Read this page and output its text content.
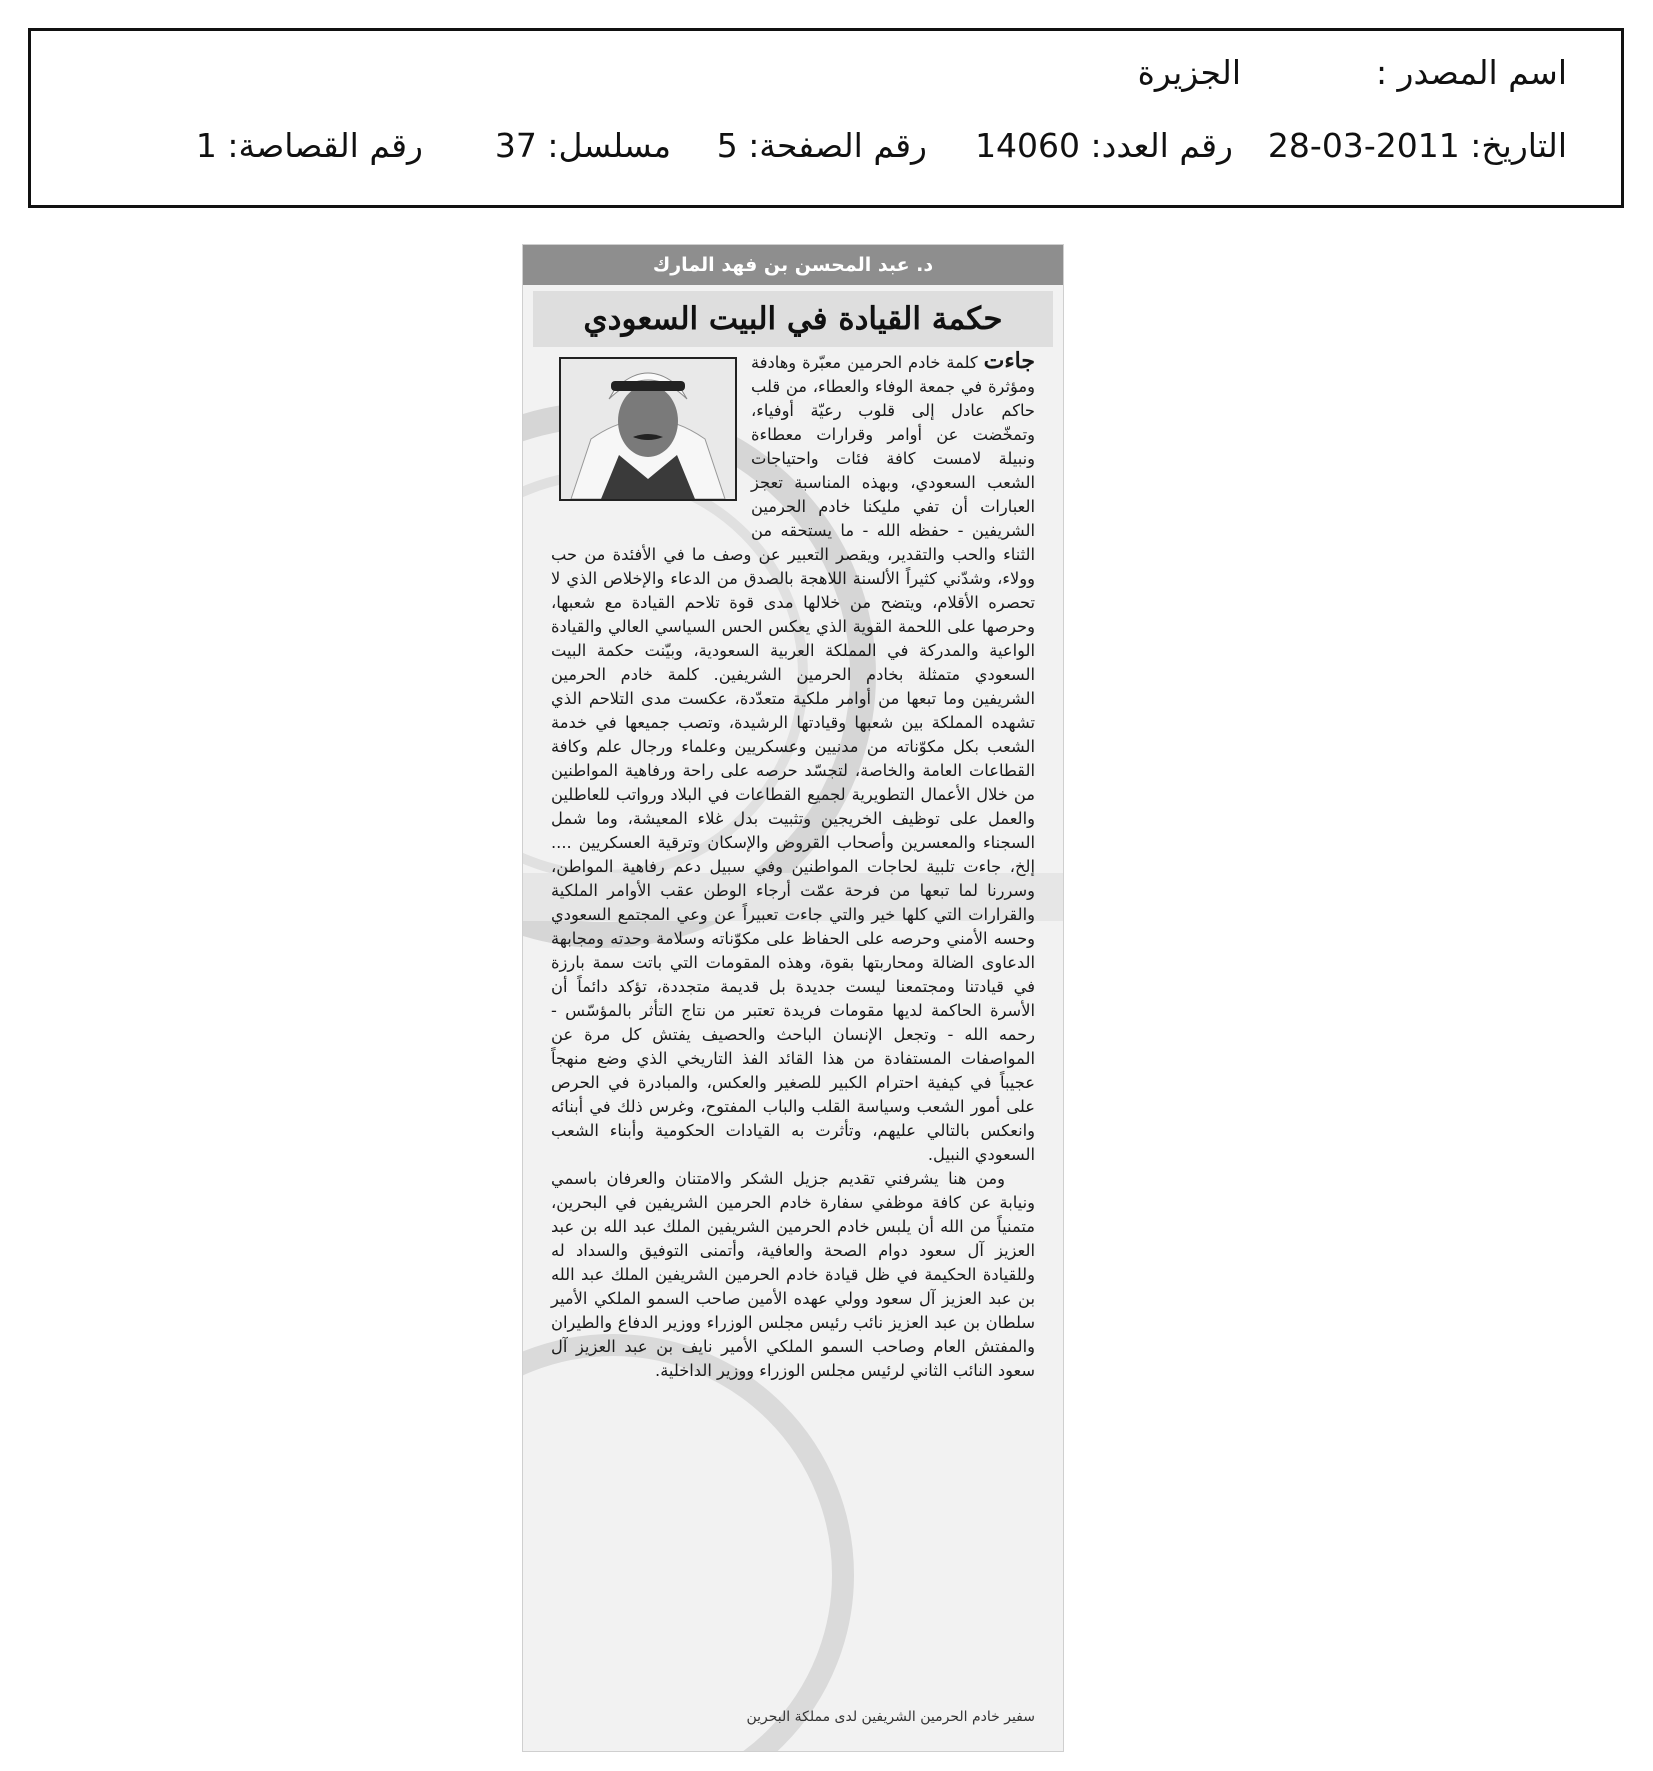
اسم المصدر :
الجزيرة
التاريخ: 2011-03-28
رقم العدد: 14060
رقم الصفحة: 5
مسلسل: 37
رقم القصاصة: 1
د. عبد المحسن بن فهد المارك
حكمة القيادة في البيت السعودي

جاءت كلمة خادم الحرمين معبّرة وهادفة ومؤثرة في جمعة الوفاء والعطاء، من قلب حاكم عادل إلى قلوب رعيّة أوفياء، وتمخّضت عن أوامر وقرارات معطاءة ونبيلة لامست كافة فئات واحتياجات الشعب السعودي، وبهذه المناسبة تعجز العبارات أن تفي مليكنا خادم الحرمين الشريفين - حفظه الله - ما يستحقه من الثناء والحب والتقدير، ويقصر التعبير عن وصف ما في الأفئدة من حب وولاء، وشدّني كثيراً الألسنة اللاهجة بالصدق من الدعاء والإخلاص الذي لا تحصره الأقلام، ويتضح من خلالها مدى قوة تلاحم القيادة مع شعبها، وحرصها على اللحمة القوية الذي يعكس الحس السياسي العالي والقيادة الواعية والمدركة في المملكة العربية السعودية، وبيّنت حكمة البيت السعودي متمثلة بخادم الحرمين الشريفين. كلمة خادم الحرمين الشريفين وما تبعها من أوامر ملكية متعدّدة، عكست مدى التلاحم الذي تشهده المملكة بين شعبها وقيادتها الرشيدة، وتصب جميعها في خدمة الشعب بكل مكوّناته من مدنيين وعسكريين وعلماء ورجال علم وكافة القطاعات العامة والخاصة، لتجسّد حرصه على راحة ورفاهية المواطنين من خلال الأعمال التطويرية لجميع القطاعات في البلاد ورواتب للعاطلين والعمل على توظيف الخريجين وتثبيت بدل غلاء المعيشة، وما شمل السجناء والمعسرين وأصحاب القروض والإسكان وترقية العسكريين .... إلخ، جاءت تلبية لحاجات المواطنين وفي سبيل دعم رفاهية المواطن، وسررنا لما تبعها من فرحة عمّت أرجاء الوطن عقب الأوامر الملكية والقرارات التي كلها خير والتي جاءت تعبيراً عن وعي المجتمع السعودي وحسه الأمني وحرصه على الحفاظ على مكوّناته وسلامة وحدته ومجابهة الدعاوى الضالة ومحاربتها بقوة، وهذه المقومات التي باتت سمة بارزة في قيادتنا ومجتمعنا ليست جديدة بل قديمة متجددة، تؤكد دائماً أن الأسرة الحاكمة لديها مقومات فريدة تعتبر من نتاج التأثر بالمؤسّس - رحمه الله - وتجعل الإنسان الباحث والحصيف يفتش كل مرة عن المواصفات المستفادة من هذا القائد الفذ التاريخي الذي وضع منهجاً عجيباً في كيفية احترام الكبير للصغير والعكس، والمبادرة في الحرص على أمور الشعب وسياسة القلب والباب المفتوح، وغرس ذلك في أبنائه وانعكس بالتالي عليهم، وتأثرت به القيادات الحكومية وأبناء الشعب السعودي النبيل.

ومن هنا يشرفني تقديم جزيل الشكر والامتنان والعرفان باسمي ونيابة عن كافة موظفي سفارة خادم الحرمين الشريفين في البحرين، متمنياً من الله أن يلبس خادم الحرمين الشريفين الملك عبد الله بن عبد العزيز آل سعود دوام الصحة والعافية، وأتمنى التوفيق والسداد له وللقيادة الحكيمة في ظل قيادة خادم الحرمين الشريفين الملك عبد الله بن عبد العزيز آل سعود وولي عهده الأمين صاحب السمو الملكي الأمير سلطان بن عبد العزيز نائب رئيس مجلس الوزراء ووزير الدفاع والطيران والمفتش العام وصاحب السمو الملكي الأمير نايف بن عبد العزيز آل سعود النائب الثاني لرئيس مجلس الوزراء ووزير الداخلية.

سفير خادم الحرمين الشريفين لدى مملكة البحرين
